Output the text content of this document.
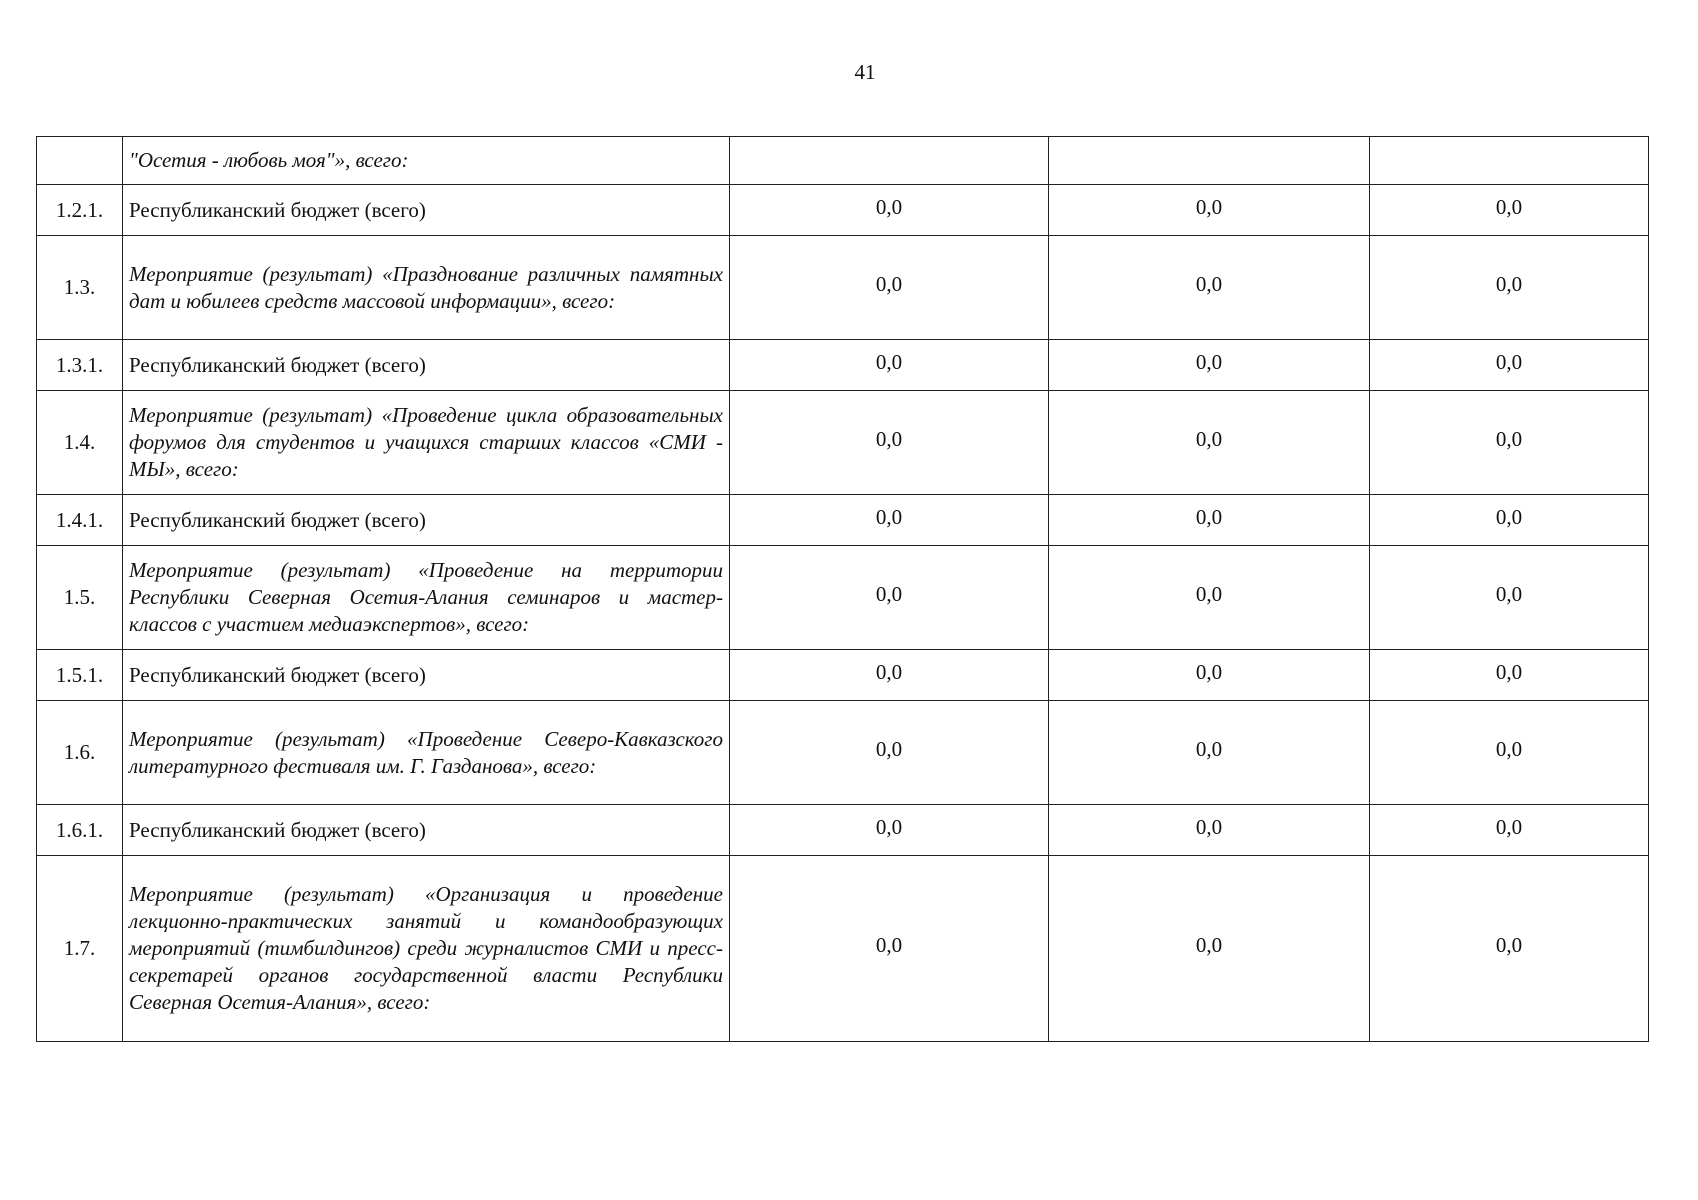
41
	"Осетия - любовь моя"», всего:			
1.2.1.	Республиканский бюджет (всего)	0,0	0,0	0,0
1.3.	Мероприятие (результат) «Празднование различных памятных дат и юбилеев средств массовой информации», всего:	0,0	0,0	0,0
1.3.1.	Республиканский бюджет (всего)	0,0	0,0	0,0
1.4.	Мероприятие (результат) «Проведение цикла образовательных форумов для студентов и учащихся старших классов «СМИ - МЫ», всего:	0,0	0,0	0,0
1.4.1.	Республиканский бюджет (всего)	0,0	0,0	0,0
1.5.	Мероприятие (результат) «Проведение на территории Республики Северная Осетия-Алания семинаров и мастер-классов с участием медиаэкспертов», всего:	0,0	0,0	0,0
1.5.1.	Республиканский бюджет (всего)	0,0	0,0	0,0
1.6.	Мероприятие (результат) «Проведение Северо-Кавказского литературного фестиваля им. Г. Газданова», всего:	0,0	0,0	0,0
1.6.1.	Республиканский бюджет (всего)	0,0	0,0	0,0
1.7.	Мероприятие (результат) «Организация и проведение лекционно-практических занятий и командообразующих мероприятий (тимбилдингов) среди журналистов СМИ и пресс-секретарей органов государственной власти Республики Северная Осетия-Алания», всего:	0,0	0,0	0,0
